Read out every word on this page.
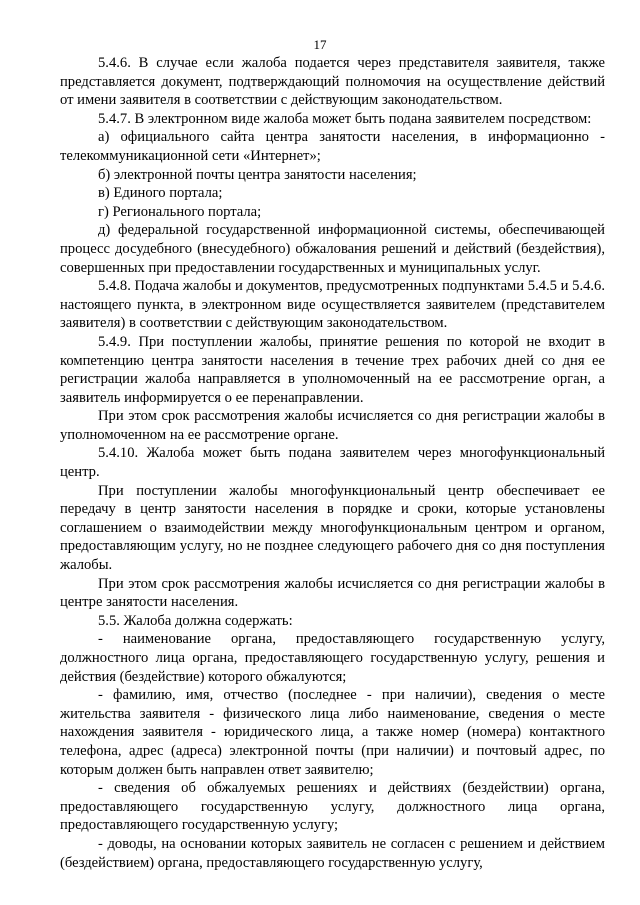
17

5.4.6. В случае если жалоба подается через представителя заявителя, также представляется документ, подтверждающий полномочия на осуществление действий от имени заявителя в соответствии с действующим законодательством.

5.4.7. В электронном виде жалоба может быть подана заявителем посредством:

а) официального сайта центра занятости населения, в информационно - телекоммуникационной сети «Интернет»;

б) электронной почты центра занятости населения;

в) Единого портала;

г) Регионального портала;

д) федеральной государственной информационной системы, обеспечивающей процесс досудебного (внесудебного) обжалования решений и действий (бездействия), совершенных при предоставлении государственных и муниципальных услуг.

5.4.8. Подача жалобы и документов, предусмотренных подпунктами 5.4.5 и 5.4.6. настоящего пункта, в электронном виде осуществляется заявителем (представителем заявителя) в соответствии с действующим законодательством.

5.4.9. При поступлении жалобы, принятие решения по которой не входит в компетенцию центра занятости населения в течение трех рабочих дней со дня ее регистрации жалоба направляется в уполномоченный на ее рассмотрение орган, а заявитель информируется о ее перенаправлении.

При этом срок рассмотрения жалобы исчисляется со дня регистрации жалобы в уполномоченном на ее рассмотрение органе.

5.4.10. Жалоба может быть подана заявителем через многофункциональный центр.

При поступлении жалобы многофункциональный центр обеспечивает ее передачу в центр занятости населения в порядке и сроки, которые установлены соглашением о взаимодействии между многофункциональным центром и органом, предоставляющим услугу, но не позднее следующего рабочего дня со дня поступления жалобы.

При этом срок рассмотрения жалобы исчисляется со дня регистрации жалобы в центре занятости населения.

5.5. Жалоба должна содержать:

- наименование органа, предоставляющего государственную услугу, должностного лица органа, предоставляющего государственную услугу, решения и действия (бездействие) которого обжалуются;

- фамилию, имя, отчество (последнее - при наличии), сведения о месте жительства заявителя - физического лица либо наименование, сведения о месте нахождения заявителя - юридического лица, а также номер (номера) контактного телефона, адрес (адреса) электронной почты (при наличии) и почтовый адрес, по которым должен быть направлен ответ заявителю;

- сведения об обжалуемых решениях и действиях (бездействии) органа, предоставляющего государственную услугу, должностного лица органа, предоставляющего государственную услугу;

- доводы, на основании которых заявитель не согласен с решением и действием (бездействием) органа, предоставляющего государственную услугу,
